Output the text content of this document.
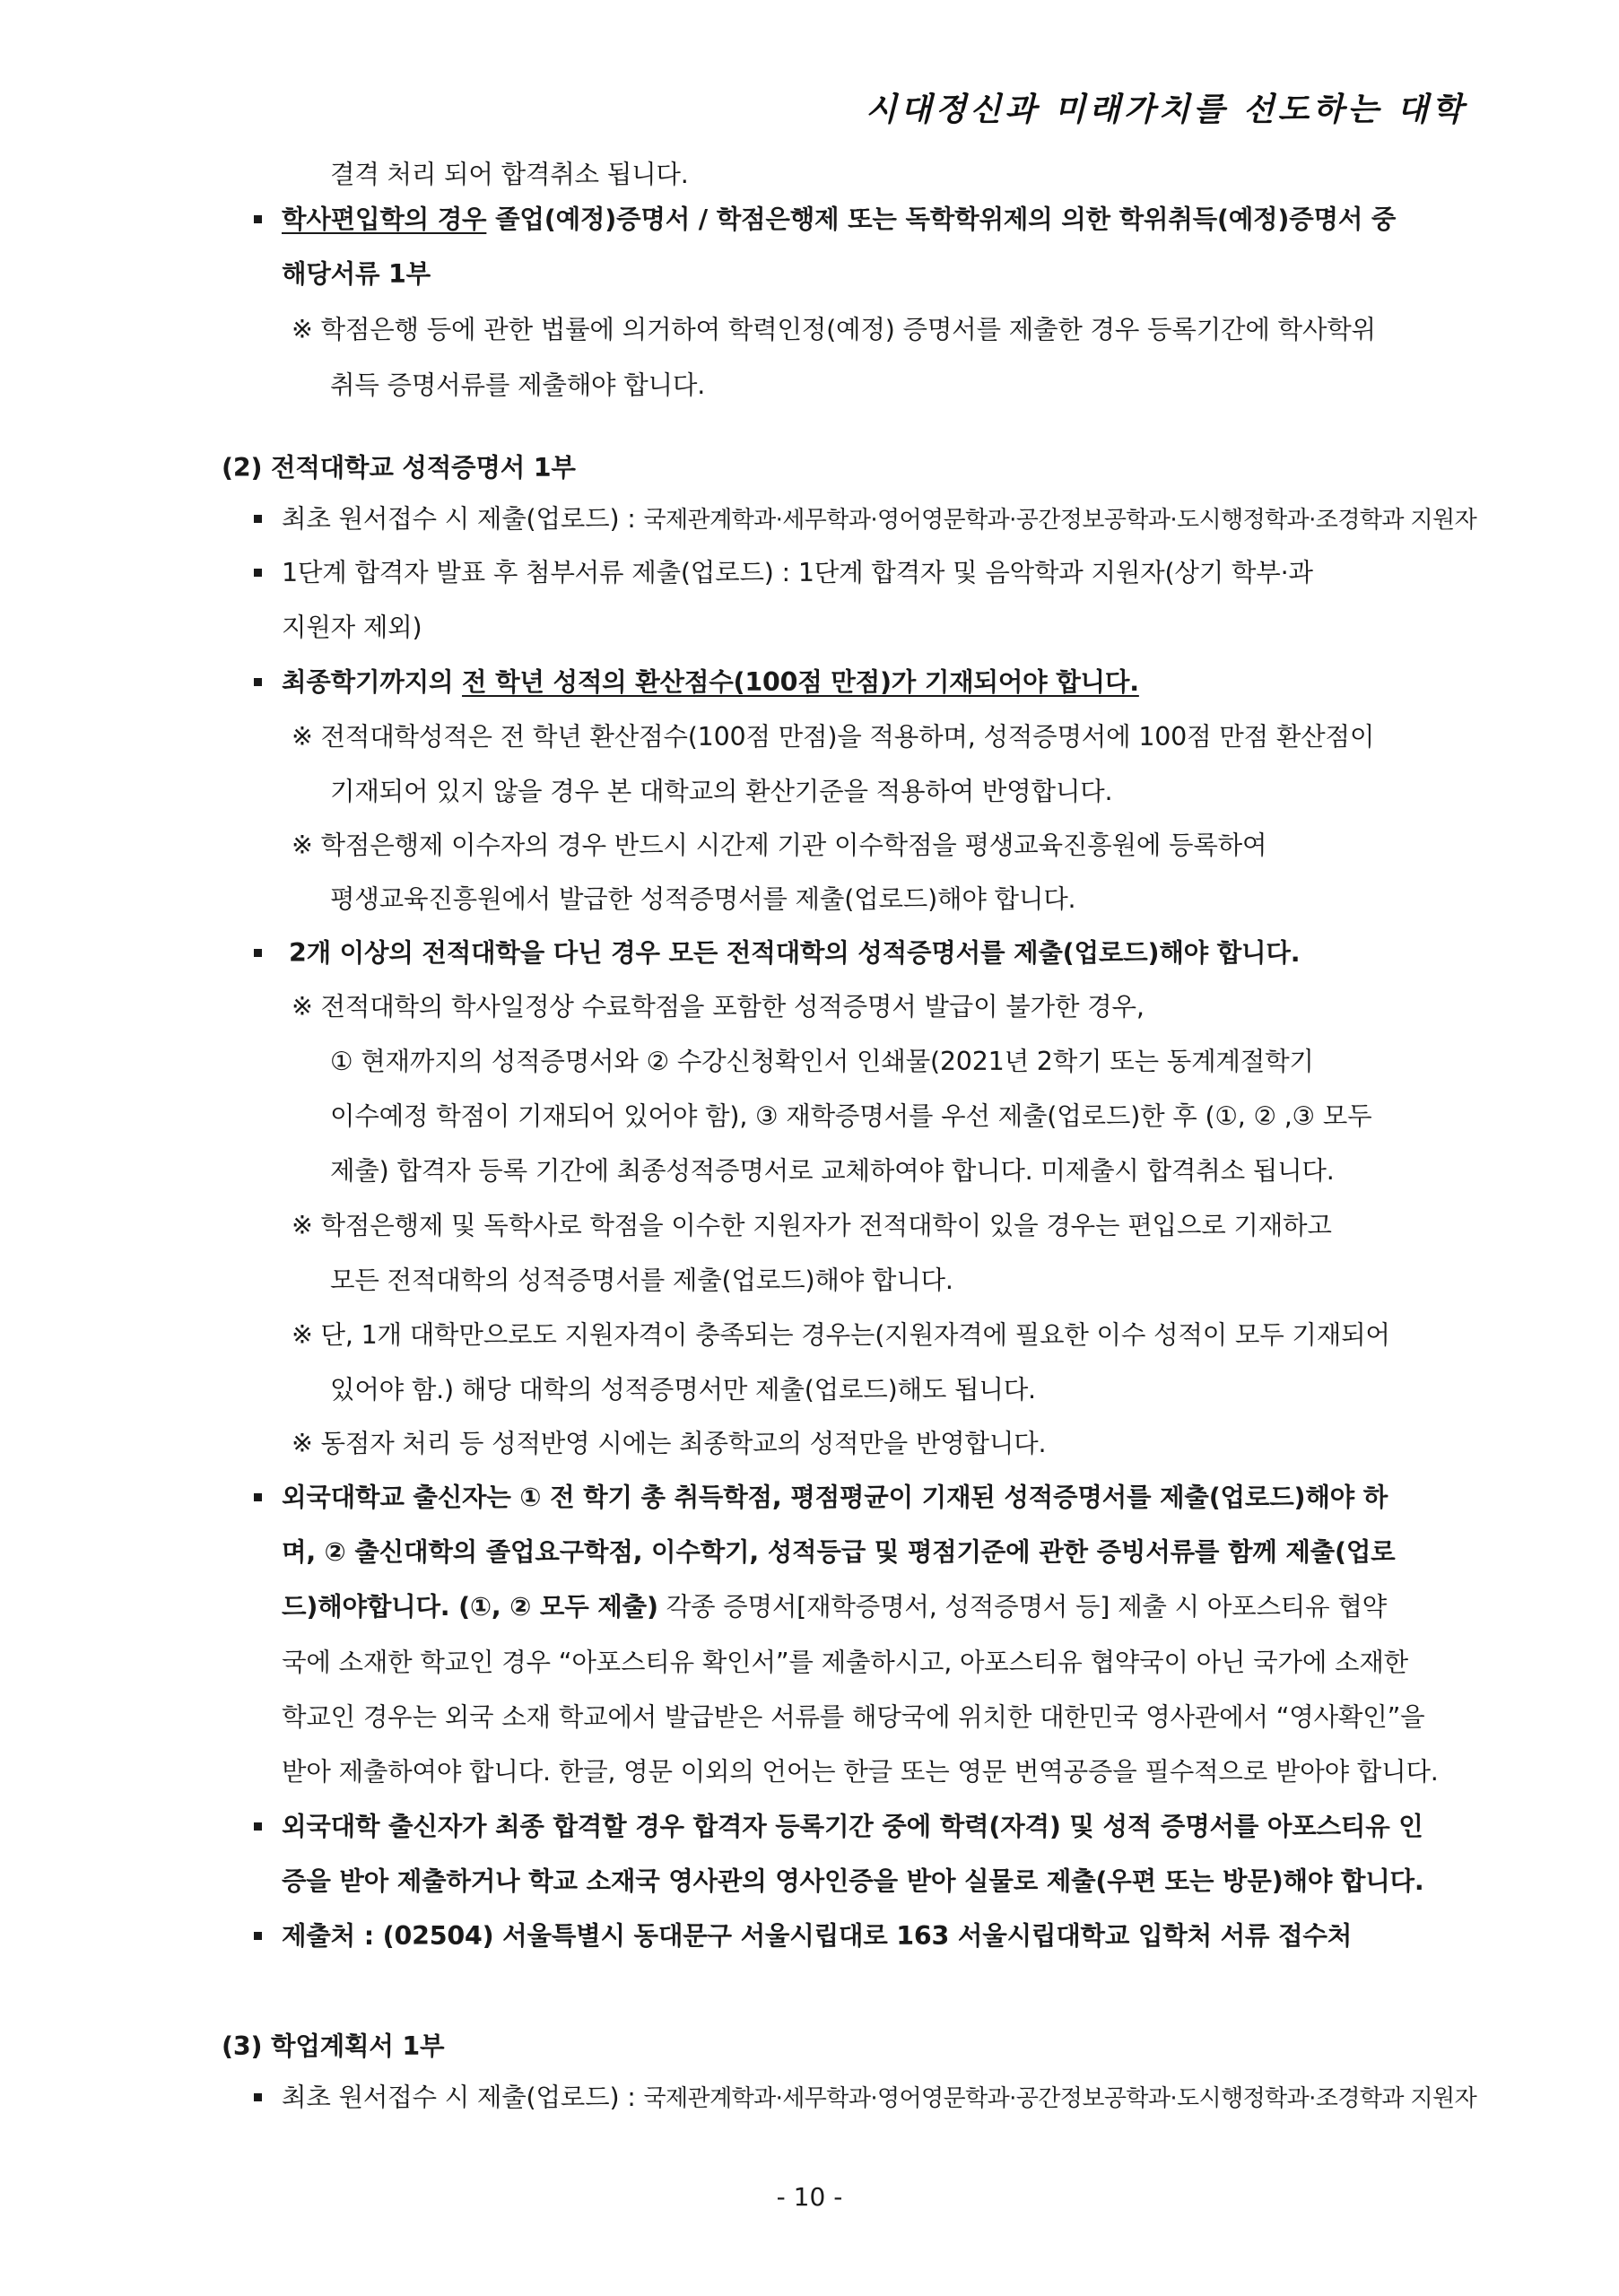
시대정신과 미래가치를 선도하는 대학
결격 처리 되어 합격취소 됩니다.
학사편입학의 경우 졸업(예정)증명서 / 학점은행제 또는 독학학위제의 의한 학위취득(예정)증명서 중
해당서류 1부
※ 학점은행 등에 관한 법률에 의거하여 학력인정(예정) 증명서를 제출한 경우 등록기간에 학사학위
취득 증명서류를 제출해야 합니다.
(2) 전적대학교 성적증명서 1부
최초 원서접수 시 제출(업로드) : 국제관계학과·세무학과·영어영문학과·공간정보공학과·도시행정학과·조경학과 지원자
1단계 합격자 발표 후 첨부서류 제출(업로드) : 1단계 합격자 및 음악학과 지원자(상기 학부·과
지원자 제외)
최종학기까지의 전 학년 성적의 환산점수(100점 만점)가 기재되어야 합니다.
※ 전적대학성적은 전 학년 환산점수(100점 만점)을 적용하며, 성적증명서에 100점 만점 환산점이
기재되어 있지 않을 경우 본 대학교의 환산기준을 적용하여 반영합니다.
※ 학점은행제 이수자의 경우 반드시 시간제 기관 이수학점을 평생교육진흥원에 등록하여
평생교육진흥원에서 발급한 성적증명서를 제출(업로드)해야 합니다.
2개 이상의 전적대학을 다닌 경우 모든 전적대학의 성적증명서를 제출(업로드)해야 합니다.
※ 전적대학의 학사일정상 수료학점을 포함한 성적증명서 발급이 불가한 경우,
① 현재까지의 성적증명서와 ② 수강신청확인서 인쇄물(2021년 2학기 또는 동계계절학기
이수예정 학점이 기재되어 있어야 함), ③ 재학증명서를 우선 제출(업로드)한 후 (①, ② ,③ 모두
제출) 합격자 등록 기간에 최종성적증명서로 교체하여야 합니다. 미제출시 합격취소 됩니다.
※ 학점은행제 및 독학사로 학점을 이수한 지원자가 전적대학이 있을 경우는 편입으로 기재하고
모든 전적대학의 성적증명서를 제출(업로드)해야 합니다.
※ 단, 1개 대학만으로도 지원자격이 충족되는 경우는(지원자격에 필요한 이수 성적이 모두 기재되어
있어야 함.) 해당 대학의 성적증명서만 제출(업로드)해도 됩니다.
※ 동점자 처리 등 성적반영 시에는 최종학교의 성적만을 반영합니다.
외국대학교 출신자는 ① 전 학기 총 취득학점, 평점평균이 기재된 성적증명서를 제출(업로드)해야 하
며, ② 출신대학의 졸업요구학점, 이수학기, 성적등급 및 평점기준에 관한 증빙서류를 함께 제출(업로
드)해야합니다. (①, ② 모두 제출) 각종 증명서[재학증명서, 성적증명서 등] 제출 시 아포스티유 협약
국에 소재한 학교인 경우 “아포스티유 확인서”를 제출하시고, 아포스티유 협약국이 아닌 국가에 소재한
학교인 경우는 외국 소재 학교에서 발급받은 서류를 해당국에 위치한 대한민국 영사관에서 “영사확인”을
받아 제출하여야 합니다. 한글, 영문 이외의 언어는 한글 또는 영문 번역공증을 필수적으로 받아야 합니다.
외국대학 출신자가 최종 합격할 경우 합격자 등록기간 중에 학력(자격) 및 성적 증명서를 아포스티유 인
증을 받아 제출하거나 학교 소재국 영사관의 영사인증을 받아 실물로 제출(우편 또는 방문)해야 합니다.
제출처 : (02504) 서울특별시 동대문구 서울시립대로 163 서울시립대학교 입학처 서류 접수처
(3) 학업계획서 1부
최초 원서접수 시 제출(업로드) : 국제관계학과·세무학과·영어영문학과·공간정보공학과·도시행정학과·조경학과 지원자
- 10 -
